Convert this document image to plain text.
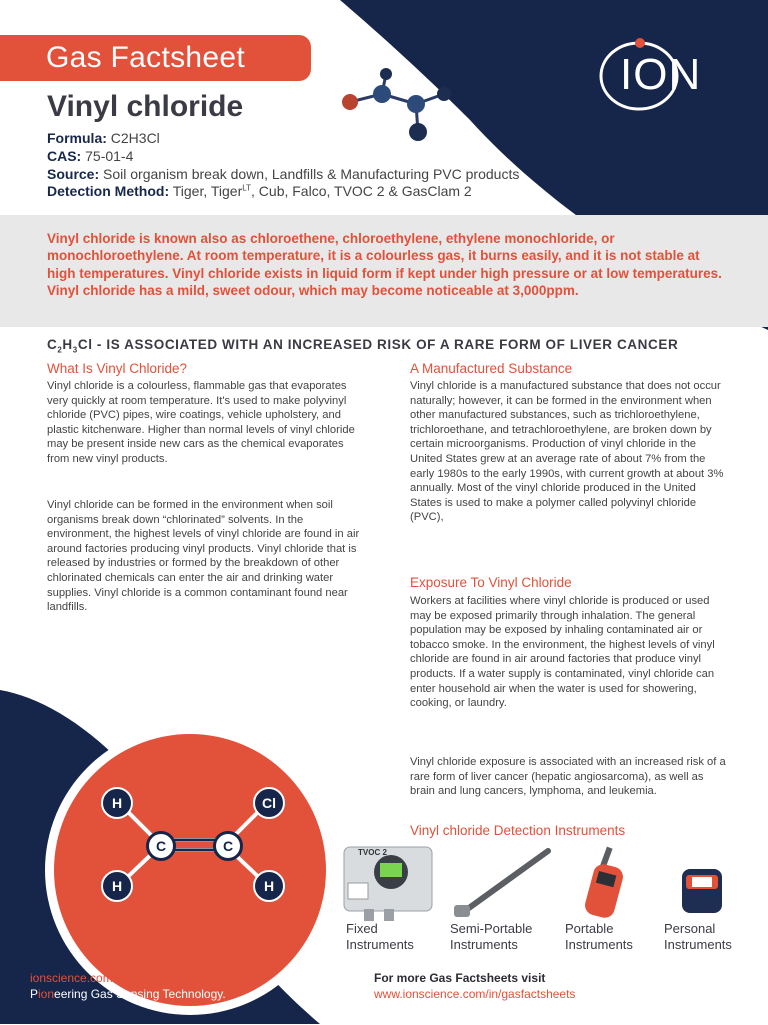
Gas Factsheet
Vinyl chloride
ION
Formula: C2H3Cl
CAS: 75-01-4
Source: Soil organism break down, Landfills & Manufacturing PVC products
Detection Method: Tiger, Tiger$^{LT}$, Cub, Falco, TVOC 2 & GasClam 2
Vinyl chloride is known also as chloroethene, chloroethylene, ethylene monochloride, or monochloroethylene. At room temperature, it is a colourless gas, it burns easily, and it is not stable at high temperatures. Vinyl chloride exists in liquid form if kept under high pressure or at low temperatures. Vinyl chloride has a mild, sweet odour, which may become noticeable at 3,000ppm.
$C_2H_3Cl$ - IS ASSOCIATED WITH AN INCREASED RISK OF A RARE FORM OF LIVER CANCER
What Is Vinyl Chloride?
Vinyl chloride is a colourless, flammable gas that evaporates very quickly at room temperature. It's used to make polyvinyl chloride (PVC) pipes, wire coatings, vehicle upholstery, and plastic kitchenware. Higher than normal levels of vinyl chloride may be present inside new cars as the chemical evaporates from new vinyl products.
Vinyl chloride can be formed in the environment when soil organisms break down “chlorinated” solvents. In the environment, the highest levels of vinyl chloride are found in air around factories producing vinyl products. Vinyl chloride that is released by industries or formed by the breakdown of other chlorinated chemicals can enter the air and drinking water supplies. Vinyl chloride is a common contaminant found near landfills.
A Manufactured Substance
Vinyl chloride is a manufactured substance that does not occur naturally; however, it can be formed in the environment when other manufactured substances, such as trichloroethylene, trichloroethane, and tetrachloroethylene, are broken down by certain microorganisms. Production of vinyl chloride in the United States grew at an average rate of about 7% from the early 1980s to the early 1990s, with current growth at about 3% annually. Most of the vinyl chloride produced in the United States is used to make a polymer called polyvinyl chloride (PVC),
Exposure To Vinyl Chloride
Workers at facilities where vinyl chloride is produced or used may be exposed primarily through inhalation. The general population may be exposed by inhaling contaminated air or tobacco smoke. In the environment, the highest levels of vinyl chloride are found in air around factories that produce vinyl products. If a water supply is contaminated, vinyl chloride can enter household air when the water is used for showering, cooking, or laundry.
Vinyl chloride exposure is associated with an increased risk of a rare form of liver cancer (hepatic angiosarcoma), as well as brain and lung cancers, lymphoma, and leukemia.
Vinyl chloride Detection Instruments
H	Cl
H	H
C	C	TVOC 2
Fixed
Instruments
Semi-Portable
Instruments
Portable
Instruments
Personal
Instruments
ionscience.com/in
Pioneering Gas Sensing Technology.
For more Gas Factsheets visit
www.ionscience.com/in/gasfactsheets
